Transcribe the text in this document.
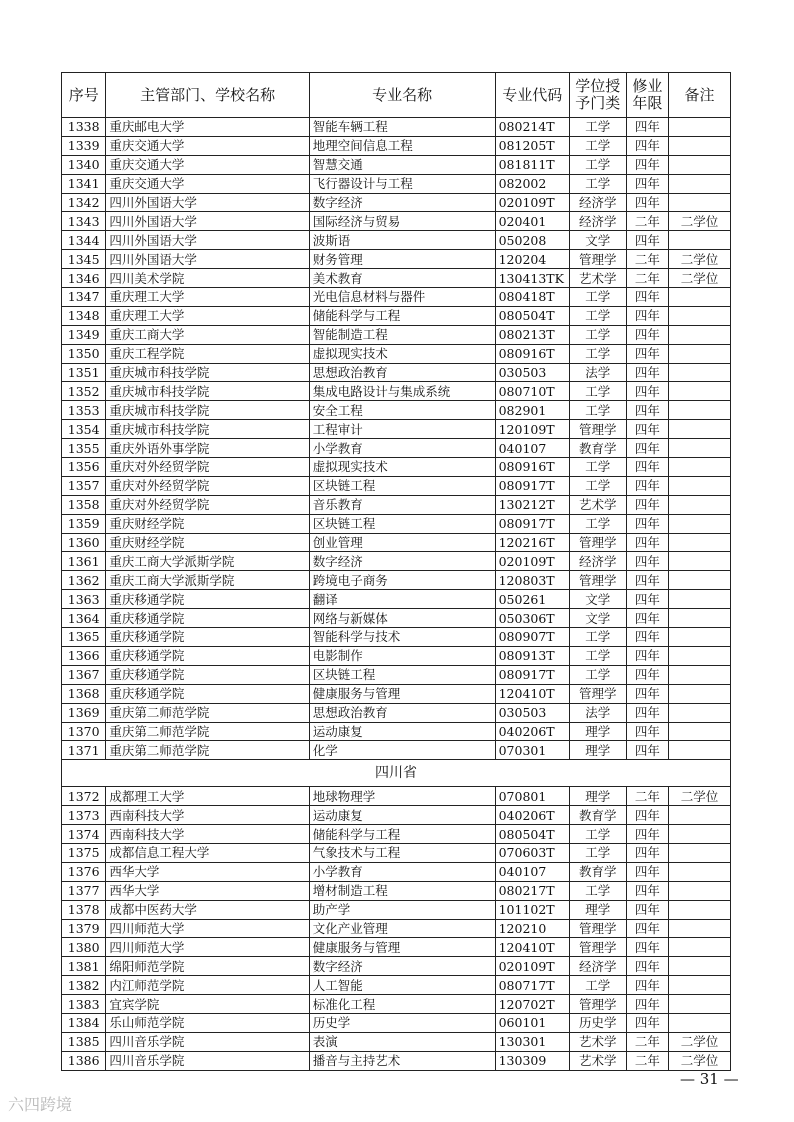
序号	主管部门、学校名称	专业名称	专业代码	学位授予门类	修业年限	备注
1338	重庆邮电大学	智能车辆工程	080214T	工学	四年	
1339	重庆交通大学	地理空间信息工程	081205T	工学	四年	
1340	重庆交通大学	智慧交通	081811T	工学	四年	
1341	重庆交通大学	飞行器设计与工程	082002	工学	四年	
1342	四川外国语大学	数字经济	020109T	经济学	四年	
1343	四川外国语大学	国际经济与贸易	020401	经济学	二年	二学位
1344	四川外国语大学	波斯语	050208	文学	四年	
1345	四川外国语大学	财务管理	120204	管理学	二年	二学位
1346	四川美术学院	美术教育	130413TK	艺术学	二年	二学位
1347	重庆理工大学	光电信息材料与器件	080418T	工学	四年	
1348	重庆理工大学	储能科学与工程	080504T	工学	四年	
1349	重庆工商大学	智能制造工程	080213T	工学	四年	
1350	重庆工程学院	虚拟现实技术	080916T	工学	四年	
1351	重庆城市科技学院	思想政治教育	030503	法学	四年	
1352	重庆城市科技学院	集成电路设计与集成系统	080710T	工学	四年	
1353	重庆城市科技学院	安全工程	082901	工学	四年	
1354	重庆城市科技学院	工程审计	120109T	管理学	四年	
1355	重庆外语外事学院	小学教育	040107	教育学	四年	
1356	重庆对外经贸学院	虚拟现实技术	080916T	工学	四年	
1357	重庆对外经贸学院	区块链工程	080917T	工学	四年	
1358	重庆对外经贸学院	音乐教育	130212T	艺术学	四年	
1359	重庆财经学院	区块链工程	080917T	工学	四年	
1360	重庆财经学院	创业管理	120216T	管理学	四年	
1361	重庆工商大学派斯学院	数字经济	020109T	经济学	四年	
1362	重庆工商大学派斯学院	跨境电子商务	120803T	管理学	四年	
1363	重庆移通学院	翻译	050261	文学	四年	
1364	重庆移通学院	网络与新媒体	050306T	文学	四年	
1365	重庆移通学院	智能科学与技术	080907T	工学	四年	
1366	重庆移通学院	电影制作	080913T	工学	四年	
1367	重庆移通学院	区块链工程	080917T	工学	四年	
1368	重庆移通学院	健康服务与管理	120410T	管理学	四年	
1369	重庆第二师范学院	思想政治教育	030503	法学	四年	
1370	重庆第二师范学院	运动康复	040206T	理学	四年	
1371	重庆第二师范学院	化学	070301	理学	四年	
四川省						
1372	成都理工大学	地球物理学	070801	理学	二年	二学位
1373	西南科技大学	运动康复	040206T	教育学	四年	
1374	西南科技大学	储能科学与工程	080504T	工学	四年	
1375	成都信息工程大学	气象技术与工程	070603T	工学	四年	
1376	西华大学	小学教育	040107	教育学	四年	
1377	西华大学	增材制造工程	080217T	工学	四年	
1378	成都中医药大学	助产学	101102T	理学	四年	
1379	四川师范大学	文化产业管理	120210	管理学	四年	
1380	四川师范大学	健康服务与管理	120410T	管理学	四年	
1381	绵阳师范学院	数字经济	020109T	经济学	四年	
1382	内江师范学院	人工智能	080717T	工学	四年	
1383	宜宾学院	标准化工程	120702T	管理学	四年	
1384	乐山师范学院	历史学	060101	历史学	四年	
1385	四川音乐学院	表演	130301	艺术学	二年	二学位
1386	四川音乐学院	播音与主持艺术	130309	艺术学	二年	二学位
— 31 —
六四跨境
